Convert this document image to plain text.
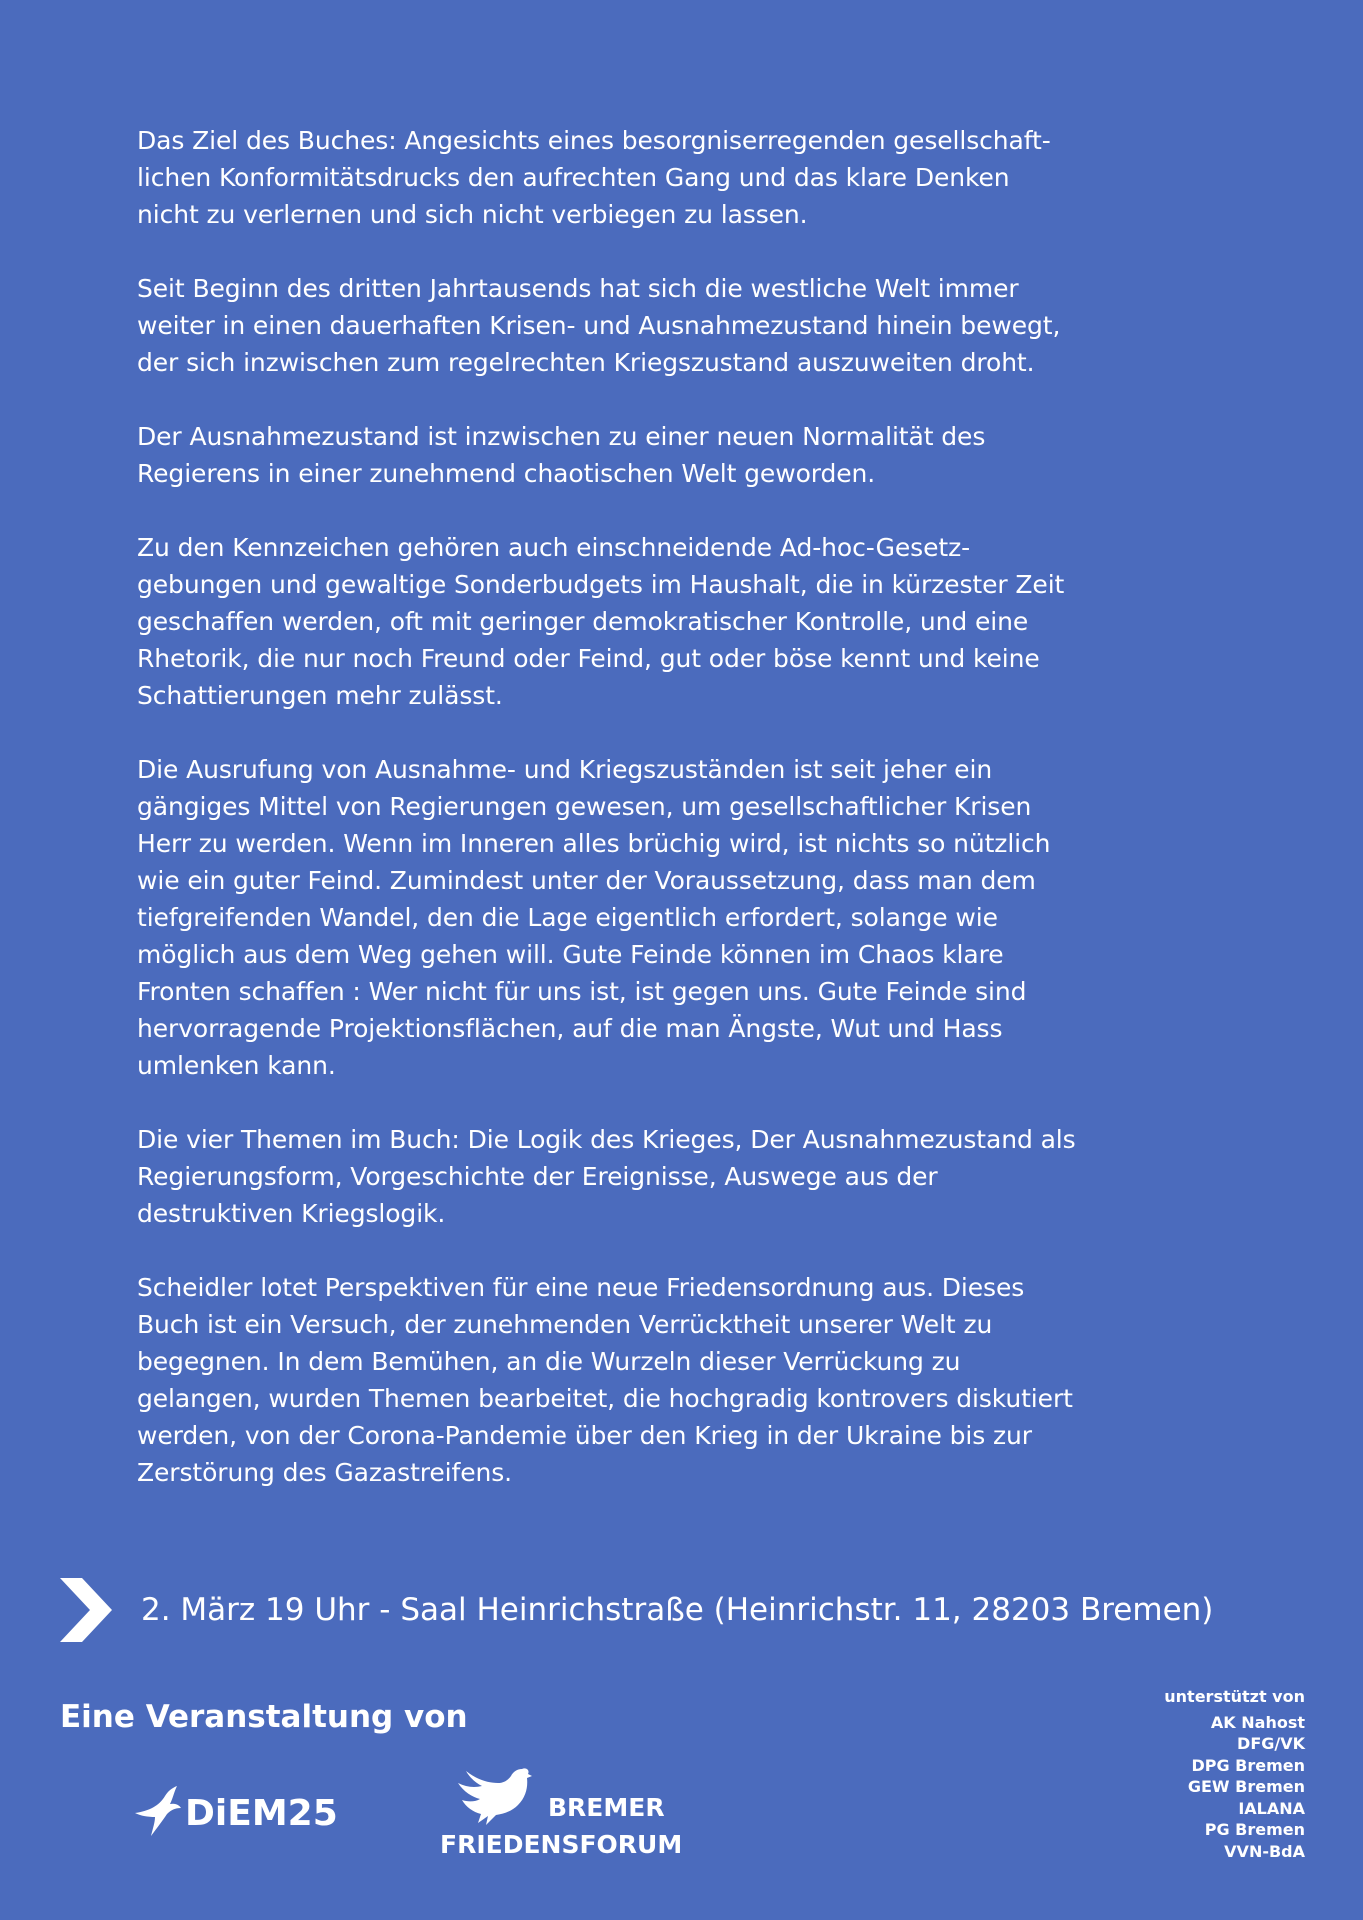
Das Ziel des Buches: Angesichts eines besorgniserregenden gesellschaft-
lichen Konformitätsdrucks den aufrechten Gang und das klare Denken
nicht zu verlernen und sich nicht verbiegen zu lassen.

Seit Beginn des dritten Jahrtausends hat sich die westliche Welt immer
weiter in einen dauerhaften Krisen- und Ausnahmezustand hinein bewegt,
der sich inzwischen zum regelrechten Kriegszustand auszuweiten droht.

Der Ausnahmezustand ist inzwischen zu einer neuen Normalität des
Regierens in einer zunehmend chaotischen Welt geworden.

Zu den Kennzeichen gehören auch einschneidende Ad-hoc-Gesetz-
gebungen und gewaltige Sonderbudgets im Haushalt, die in kürzester Zeit
geschaffen werden, oft mit geringer demokratischer Kontrolle, und eine
Rhetorik, die nur noch Freund oder Feind, gut oder böse kennt und keine
Schattierungen mehr zulässt.

Die Ausrufung von Ausnahme- und Kriegszuständen ist seit jeher ein
gängiges Mittel von Regierungen gewesen, um gesellschaftlicher Krisen
Herr zu werden. Wenn im Inneren alles brüchig wird, ist nichts so nützlich
wie ein guter Feind. Zumindest unter der Voraussetzung, dass man dem
tiefgreifenden Wandel, den die Lage eigentlich erfordert, solange wie
möglich aus dem Weg gehen will. Gute Feinde können im Chaos klare
Fronten schaffen : Wer nicht für uns ist, ist gegen uns. Gute Feinde sind
hervorragende Projektionsflächen, auf die man Ängste, Wut und Hass
umlenken kann.

Die vier Themen im Buch: Die Logik des Krieges, Der Ausnahmezustand als
Regierungsform, Vorgeschichte der Ereignisse, Auswege aus der
destruktiven Kriegslogik.

Scheidler lotet Perspektiven für eine neue Friedensordnung aus. Dieses
Buch ist ein Versuch, der zunehmenden Verrücktheit unserer Welt zu
begegnen. In dem Bemühen, an die Wurzeln dieser Verrückung zu
gelangen, wurden Themen bearbeitet, die hochgradig kontrovers diskutiert
werden, von der Corona-Pandemie über den Krieg in der Ukraine bis zur
Zerstörung des Gazastreifens.

2. März 19 Uhr - Saal Heinrichstraße (Heinrichstr. 11, 28203 Bremen)
Eine Veranstaltung von
DiEM25	BREMER
FRIEDENSFORUM
unterstützt von
AK Nahost
DFG/VK
DPG Bremen
GEW Bremen
IALANA
PG Bremen
VVN-BdA
